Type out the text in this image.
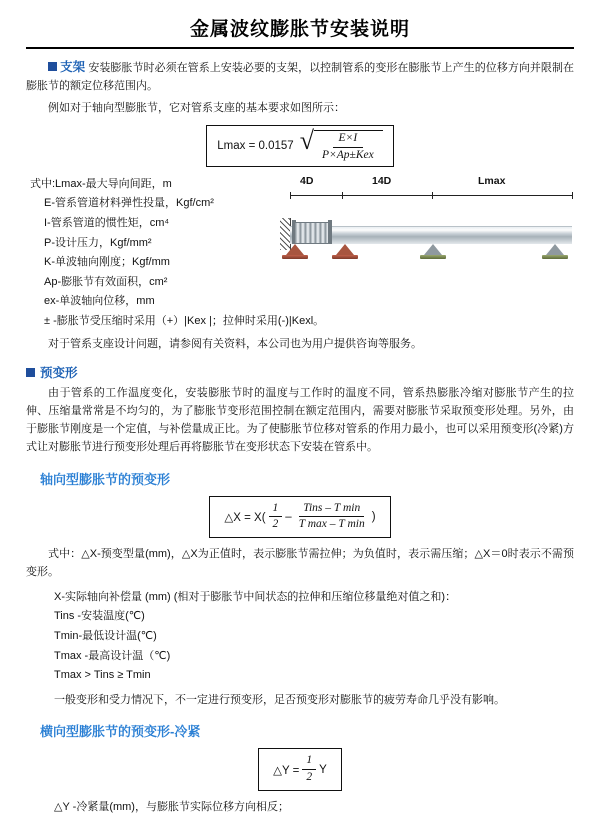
金属波纹膨胀节安装说明

支架 安装膨胀节时必须在管系上安装必要的支架，以控制管系的变形在膨胀节上产生的位移方向并限制在膨胀节的额定位移范围内。

例如对于轴向型膨胀节，它对管系支座的基本要求如图所示：

Lmax = 0.0157 √ $\frac{E\times I}{\text{P×Ap±Kex}}$
式中:Lmax-最大导向间距，m
E-管系管道材料弹性投量，Kgf/cm²
I-管系管道的惯性矩，cm⁴
P-设计压力，Kgf/mm²
K-单波轴向刚度；Kgf/mm
Ap-膨胀节有效面积，cm²
ex-单波轴向位移，mm
4D	14D	Lmax
± -膨胀节受压缩时采用（+）|Kex |；拉伸时采用(-)|Kexl。

对于管系支座设计问题，请参阅有关资料，本公司也为用户提供咨询等服务。

预变形

由于管系的工作温度变化，安装膨胀节时的温度与工作时的温度不同，管系热膨胀冷缩对膨胀节产生的拉伸、压缩量常常是不均匀的，为了膨胀节变形范围控制在额定范围内，需要对膨胀节采取预变形处理。另外，由于膨胀节刚度是一个定值，与补偿量成正比。为了使膨胀节位移对管系的作用力最小，也可以采用预变形(冷紧)方式让对膨胀节进行预变形处理后再将膨胀节在变形状态下安装在管系中。

轴向型膨胀节的预变形
△X = $X( \frac{1}{2} - \frac{\text{Tins – T min}}{\text{T max – T min}}$ )

式中：△X-预变型量(mm)，△X为正值时，表示膨胀节需拉伸；为负值时，表示需压缩；△X＝0时表示不需预变形。

X-实际轴向补偿量 (mm) (相对于膨胀节中间状态的拉伸和压缩位移量绝对值之和)：
Tins -安装温度(℃)
Tmin-最低设计温(℃)
Tmax -最高设计温（℃)
Tmax > Tins ≥ Tmin

一般变形和受力情况下，不一定进行预变形，足否预变形对膨胀节的疲劳寿命几乎没有影响。

横向型膨胀节的预变形-冷紧
△Y = $\frac{1}{2}$ Y

△Y -冷紧量(mm)，与膨胀节实际位移方向相反；
